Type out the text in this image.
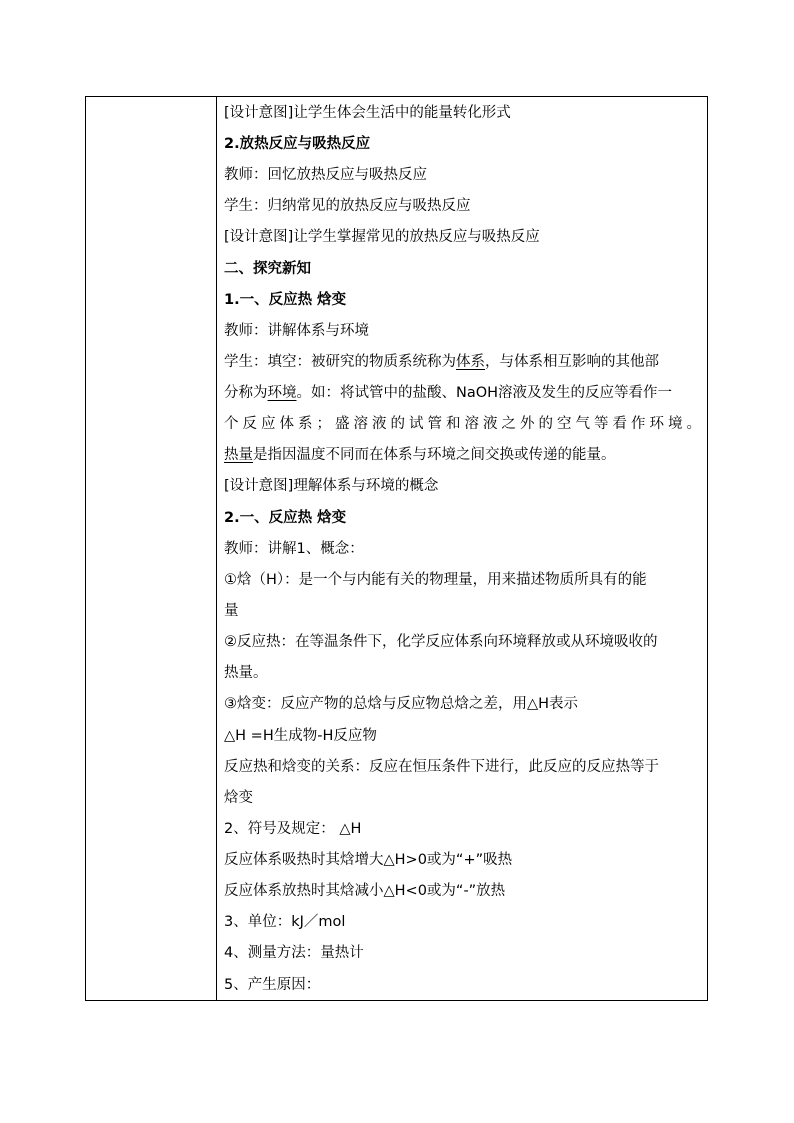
[设计意图]让学生体会生活中的能量转化形式
2.放热反应与吸热反应
教师：回忆放热反应与吸热反应
学生：归纳常见的放热反应与吸热反应
[设计意图]让学生掌握常见的放热反应与吸热反应
二、探究新知
1.一、反应热 焓变
教师：讲解体系与环境
学生：填空：被研究的物质系统称为体系，与体系相互影响的其他部
分称为环境。如：将试管中的盐酸、NaOH溶液及发生的反应等看作一
个反应体系；盛溶液的试管和溶液之外的空气等看作环境。
热量是指因温度不同而在体系与环境之间交换或传递的能量。
[设计意图]理解体系与环境的概念
2.一、反应热 焓变
教师：讲解1、概念：
①焓（H）：是一个与内能有关的物理量，用来描述物质所具有的能
量
②反应热：在等温条件下，化学反应体系向环境释放或从环境吸收的
热量。
③焓变：反应产物的总焓与反应物总焓之差，用△H表示
△H =H生成物-H反应物
反应热和焓变的关系：反应在恒压条件下进行，此反应的反应热等于
焓变
2、符号及规定： △H
反应体系吸热时其焓增大△H>0或为“+”吸热
反应体系放热时其焓减小△H<0或为“-”放热
3、单位：kJ／mol
4、测量方法：量热计
5、产生原因：
